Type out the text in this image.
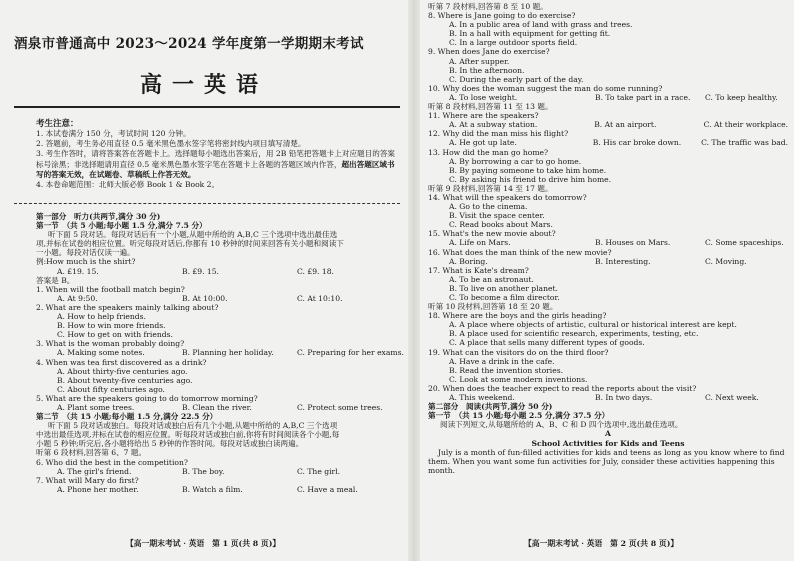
酒泉市普通高中 2023～2024 学年度第一学期期末考试
高一英语
考生注意：
1. 本试卷满分 150 分，考试时间 120 分钟。
2. 答题前，考生务必用直径 0.5 毫米黑色墨水签字笔将密封线内项目填写清楚。
3. 考生作答时，请将答案答在答题卡上。选择题每小题选出答案后，用 2B 铅笔把答题卡上对应题目的答案标号涂黑；非选择题请用直径 0.5 毫米黑色墨水签字笔在答题卡上各题的答题区域内作答，超出答题区域书写的答案无效，在试题卷、草稿纸上作答无效。
4. 本卷命题范围：北师大版必修 Book 1 & Book 2。
第一部分　听力(共两节,满分 30 分)
第一节　（共 5 小题;每小题 1.5 分,满分 7.5 分）
听下面 5 段对话。每段对话后有一个小题,从题中所给的 A,B,C 三个选项中选出最佳选
项,并标在试卷的相应位置。听完每段对话后,你都有 10 秒钟的时间来回答有关小题和阅读下
一小题。每段对话仅读一遍。
例:How much is the shirt?
A. £19. 15.	B. £9. 15.	C. £9. 18.
答案是 B。
1. When will the football match begin?
A. At 9:50.	B. At 10:00.	C. At 10:10.
2. What are the speakers mainly talking about?
A. How to help friends.
B. How to win more friends.
C. How to get on with friends.
3. What is the woman probably doing?
A. Making some notes.	B. Planning her holiday.	C. Preparing for her exams.
4. When was tea first discovered as a drink?
A. About thirty-five centuries ago.
B. About twenty-five centuries ago.
C. About fifty centuries ago.
5. What are the speakers going to do tomorrow morning?
A. Plant some trees.	B. Clean the river.	C. Protect some trees.
第二节　（共 15 小题;每小题 1.5 分,满分 22.5 分）
听下面 5 段对话或独白。每段对话或独白后有几个小题,从题中所给的 A,B,C 三个选项
中选出最佳选项,并标在试卷的相应位置。听每段对话或独白前,你将有时间阅读各个小题,每
小题 5 秒钟;听完后,各小题将给出 5 秒钟的作答时间。每段对话或独白读两遍。
听第 6 段材料,回答第 6、7 题。
6. Who did the best in the competition?
A. The girl's friend.	B. The boy.	C. The girl.
7. What will Mary do first?
A. Phone her mother.	B. Watch a film.	C. Have a meal.
【高一期末考试 · 英语　第 1 页(共 8 页)】
听第 7 段材料,回答第 8 至 10 题。
8. Where is Jane going to do exercise?
A. In a public area of land with grass and trees.
B. In a hall with equipment for getting fit.
C. In a large outdoor sports field.
9. When does Jane do exercise?
A. After supper.
B. In the afternoon.
C. During the early part of the day.
10. Why does the woman suggest the man do some running?
A. To lose weight.	B. To take part in a race.	C. To keep healthy.
听第 8 段材料,回答第 11 至 13 题。
11. Where are the speakers?
A. At a subway station.	B. At an airport.	C. At their workplace.
12. Why did the man miss his flight?
A. He got up late.	B. His car broke down.	C. The traffic was bad.
13. How did the man go home?
A. By borrowing a car to go home.
B. By paying someone to take him home.
C. By asking his friend to drive him home.
听第 9 段材料,回答第 14 至 17 题。
14. What will the speakers do tomorrow?
A. Go to the cinema.
B. Visit the space center.
C. Read books about Mars.
15. What's the new movie about?
A. Life on Mars.	B. Houses on Mars.	C. Some spaceships.
16. What does the man think of the new movie?
A. Boring.	B. Interesting.	C. Moving.
17. What is Kate's dream?
A. To be an astronaut.
B. To live on another planet.
C. To become a film director.
听第 10 段材料,回答第 18 至 20 题。
18. Where are the boys and the girls heading?
A. A place where objects of artistic, cultural or historical interest are kept.
B. A place used for scientific research, experiments, testing, etc.
C. A place that sells many different types of goods.
19. What can the visitors do on the third floor?
A. Have a drink in the cafe.
B. Read the invention stories.
C. Look at some modern inventions.
20. When does the teacher expect to read the reports about the visit?
A. This weekend.	B. In two days.	C. Next week.
第二部分　阅读(共两节,满分 50 分)
第一节　（共 15 小题;每小题 2.5 分,满分 37.5 分）
阅读下列短文,从每题所给的 A、B、C 和 D 四个选项中,选出最佳选项。
A
School Activities for Kids and Teens
July is a month of fun-filled activities for kids and teens as long as you know where to find them. When you want some fun activities for July, consider these activities happening this month.
【高一期末考试 · 英语　第 2 页(共 8 页)】
